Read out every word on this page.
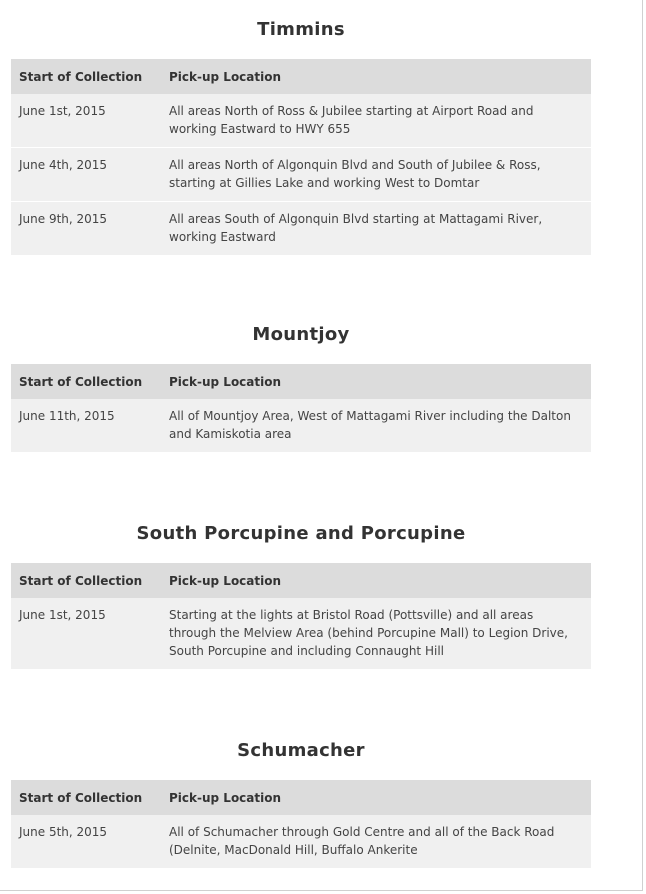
Timmins
Start of Collection	Pick-up Location
June 1st, 2015	All areas North of Ross & Jubilee starting at Airport Road and working Eastward to HWY 655
June 4th, 2015	All areas North of Algonquin Blvd and South of Jubilee & Ross, starting at Gillies Lake and working West to Domtar
June 9th, 2015	All areas South of Algonquin Blvd starting at Mattagami River, working Eastward
Mountjoy
Start of Collection	Pick-up Location
June 11th, 2015	All of Mountjoy Area, West of Mattagami River including the Dalton and Kamiskotia area
South Porcupine and Porcupine
Start of Collection	Pick-up Location
June 1st, 2015	Starting at the lights at Bristol Road (Pottsville) and all areas through the Melview Area (behind Porcupine Mall) to Legion Drive, South Porcupine and including Connaught Hill
Schumacher
Start of Collection	Pick-up Location
June 5th, 2015	All of Schumacher through Gold Centre and all of the Back Road (Delnite, MacDonald Hill, Buffalo Ankerite
